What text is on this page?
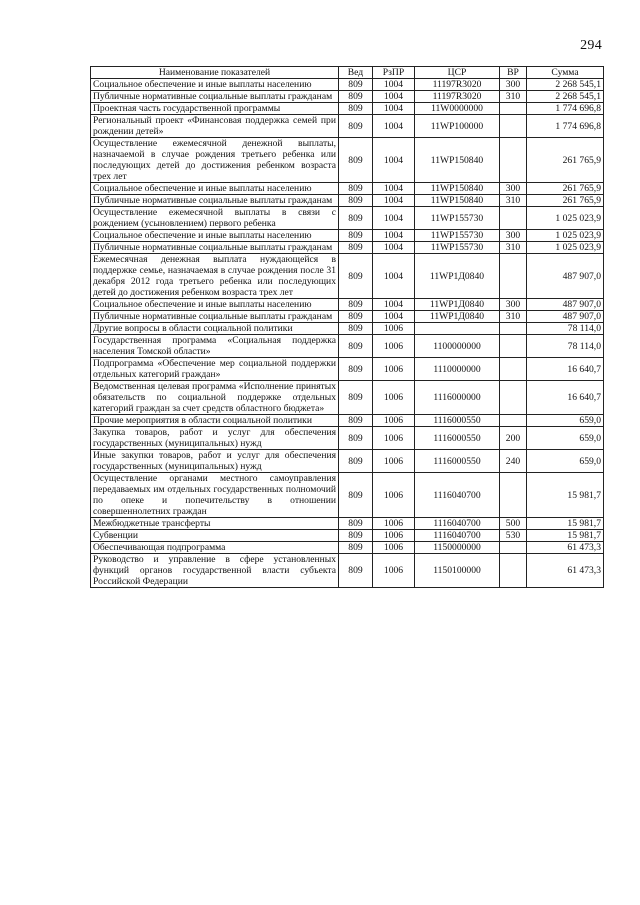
294
Наименование показателей	Вед	РзПР	ЦСР	ВР	Сумма
Социальное обеспечение и иные выплаты населению	809	1004	11197R3020	300	2 268 545,1
Публичные нормативные социальные выплаты гражданам	809	1004	11197R3020	310	2 268 545,1
Проектная часть государственной программы	809	1004	11W0000000		1 774 696,8
Региональный проект «Финансовая поддержка семей при рождении детей»	809	1004	11WP100000		1 774 696,8
Осуществление ежемесячной денежной выплаты, назначаемой в случае рождения третьего ребенка или последующих детей до достижения ребенком возраста трех лет	809	1004	11WP150840		261 765,9
Социальное обеспечение и иные выплаты населению	809	1004	11WP150840	300	261 765,9
Публичные нормативные социальные выплаты гражданам	809	1004	11WP150840	310	261 765,9
Осуществление ежемесячной выплаты в связи с рождением (усыновлением) первого ребенка	809	1004	11WP155730		1 025 023,9
Социальное обеспечение и иные выплаты населению	809	1004	11WP155730	300	1 025 023,9
Публичные нормативные социальные выплаты гражданам	809	1004	11WP155730	310	1 025 023,9
Ежемесячная денежная выплата нуждающейся в поддержке семье, назначаемая в случае рождения после 31 декабря 2012 года третьего ребенка или последующих детей до достижения ребенком возраста трех лет	809	1004	11WP1Д0840		487 907,0
Социальное обеспечение и иные выплаты населению	809	1004	11WP1Д0840	300	487 907,0
Публичные нормативные социальные выплаты гражданам	809	1004	11WP1Д0840	310	487 907,0
Другие вопросы в области социальной политики	809	1006			78 114,0
Государственная программа «Социальная поддержка населения Томской области»	809	1006	1100000000		78 114,0
Подпрограмма «Обеспечение мер социальной поддержки отдельных категорий граждан»	809	1006	1110000000		16 640,7
Ведомственная целевая программа «Исполнение принятых обязательств по социальной поддержке отдельных категорий граждан за счет средств областного бюджета»	809	1006	1116000000		16 640,7
Прочие мероприятия в области социальной политики	809	1006	1116000550		659,0
Закупка товаров, работ и услуг для обеспечения государственных (муниципальных) нужд	809	1006	1116000550	200	659,0
Иные закупки товаров, работ и услуг для обеспечения государственных (муниципальных) нужд	809	1006	1116000550	240	659,0
Осуществление органами местного самоуправления передаваемых им отдельных государственных полномочий по опеке и попечительству в отношении совершеннолетних граждан	809	1006	1116040700		15 981,7
Межбюджетные трансферты	809	1006	1116040700	500	15 981,7
Субвенции	809	1006	1116040700	530	15 981,7
Обеспечивающая подпрограмма	809	1006	1150000000		61 473,3
Руководство и управление в сфере установленных функций органов государственной власти субъекта Российской Федерации	809	1006	1150100000		61 473,3
